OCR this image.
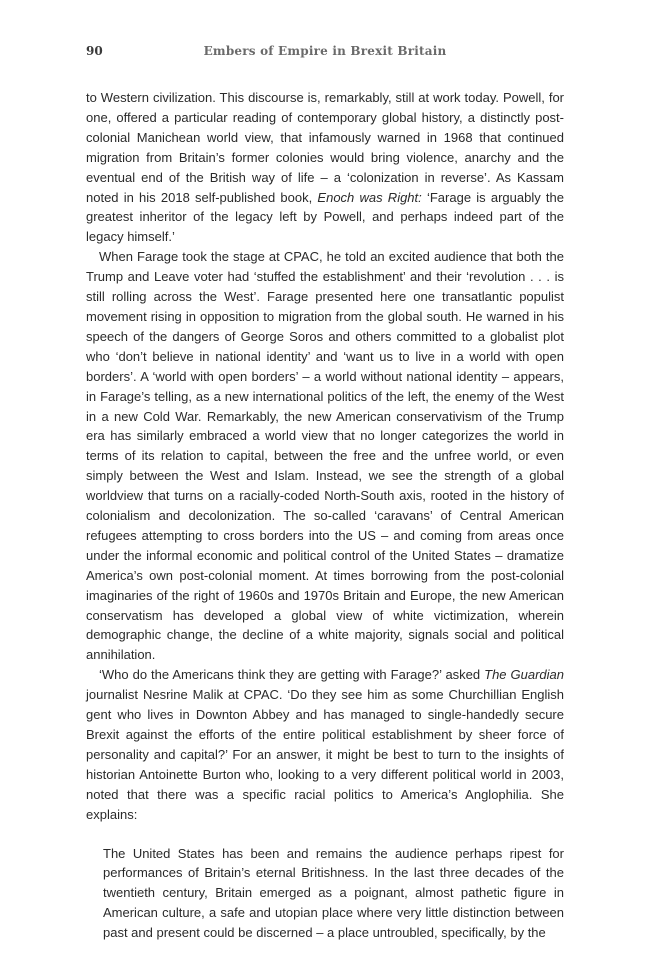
90	Embers of Empire in Brexit Britain

to Western civilization. This discourse is, remarkably, still at work today. Powell, for one, offered a particular reading of contemporary global history, a distinctly post-colonial Manichean world view, that infamously warned in 1968 that continued migration from Britain’s former colonies would bring violence, anarchy and the eventual end of the British way of life – a ‘colonization in reverse’. As Kassam noted in his 2018 self-published book, Enoch was Right: ‘Farage is arguably the greatest inheritor of the legacy left by Powell, and perhaps indeed part of the legacy himself.’

When Farage took the stage at CPAC, he told an excited audience that both the Trump and Leave voter had ‘stuffed the establishment’ and their ‘revolution . . . is still rolling across the West’. Farage presented here one transatlantic populist movement rising in opposition to migration from the global south. He warned in his speech of the dangers of George Soros and others committed to a globalist plot who ‘don’t believe in national identity’ and ‘want us to live in a world with open borders’. A ‘world with open borders’ – a world without national identity – appears, in Farage’s telling, as a new international politics of the left, the enemy of the West in a new Cold War. Remarkably, the new American conservativism of the Trump era has similarly embraced a world view that no longer categorizes the world in terms of its relation to capital, between the free and the unfree world, or even simply between the West and Islam. Instead, we see the strength of a global worldview that turns on a racially-coded North-South axis, rooted in the history of colonialism and decolonization. The so-called ‘caravans’ of Central American refugees attempting to cross borders into the US – and coming from areas once under the informal economic and political control of the United States – dramatize America’s own post-colonial moment. At times borrowing from the post-colonial imaginaries of the right of 1960s and 1970s Britain and Europe, the new American conservatism has developed a global view of white victimization, wherein demographic change, the decline of a white majority, signals social and political annihilation.

‘Who do the Americans think they are getting with Farage?’ asked The Guardian journalist Nesrine Malik at CPAC. ‘Do they see him as some Churchillian English gent who lives in Downton Abbey and has managed to single-handedly secure Brexit against the efforts of the entire political establishment by sheer force of personality and capital?’ For an answer, it might be best to turn to the insights of historian Antoinette Burton who, looking to a very different political world in 2003, noted that there was a specific racial politics to America’s Anglophilia. She explains:

The United States has been and remains the audience perhaps ripest for performances of Britain’s eternal Britishness. In the last three decades of the twentieth century, Britain emerged as a poignant, almost pathetic figure in American culture, a safe and utopian place where very little distinction between past and present could be discerned – a place untroubled, specifically, by the
